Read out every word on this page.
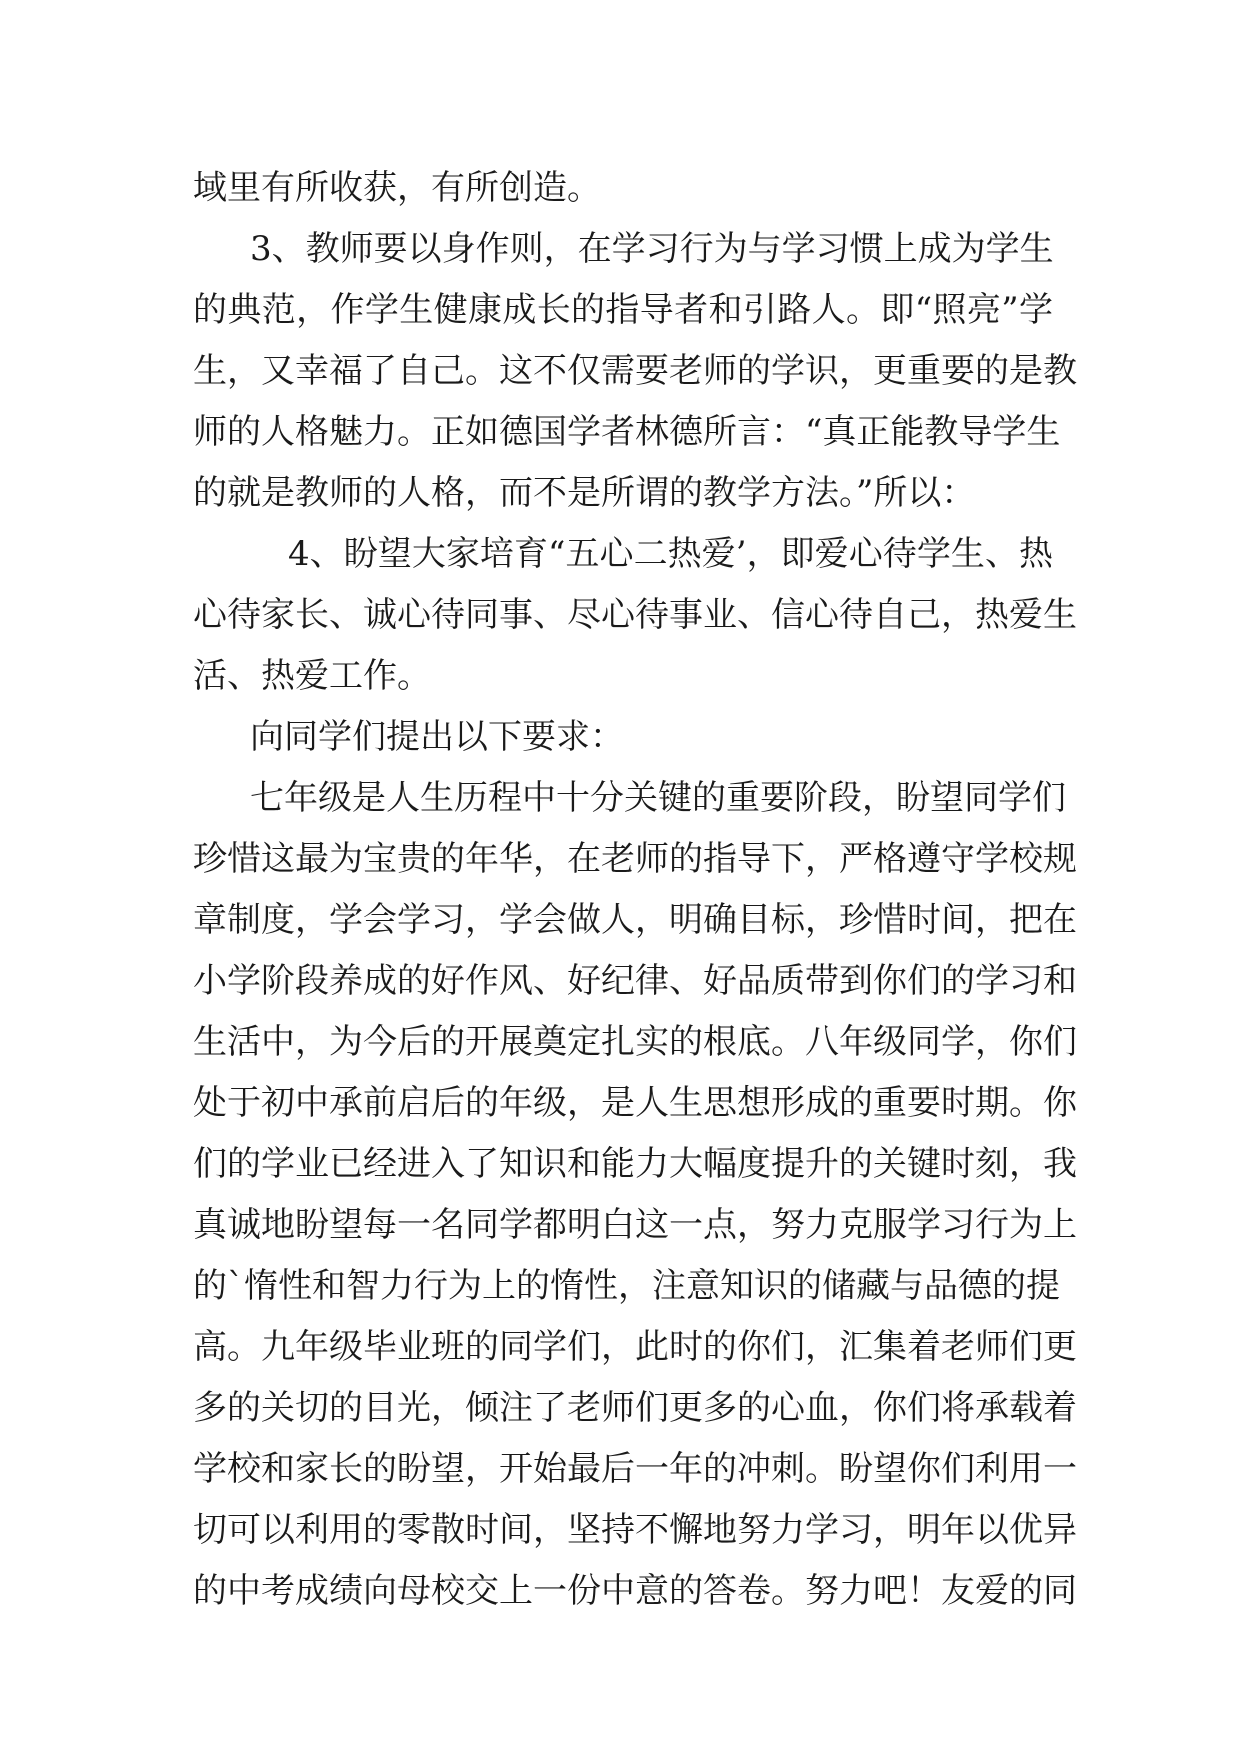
域里有所收获，有所创造。
3、教师要以身作则，在学习行为与学习惯上成为学生
的典范，作学生健康成长的指导者和引路人。即“照亮”学
生，又幸福了自己。这不仅需要老师的学识，更重要的是教
师的人格魅力。正如德国学者林德所言：“真正能教导学生
的就是教师的人格，而不是所谓的教学方法。”所以：
4、盼望大家培育“五心二热爱’，即爱心待学生、热
心待家长、诚心待同事、尽心待事业、信心待自己，热爱生
活、热爱工作。
向同学们提出以下要求：
七年级是人生历程中十分关键的重要阶段，盼望同学们
珍惜这最为宝贵的年华，在老师的指导下，严格遵守学校规
章制度，学会学习，学会做人，明确目标，珍惜时间，把在
小学阶段养成的好作风、好纪律、好品质带到你们的学习和
生活中，为今后的开展奠定扎实的根底。八年级同学，你们
处于初中承前启后的年级，是人生思想形成的重要时期。你
们的学业已经进入了知识和能力大幅度提升的关键时刻，我
真诚地盼望每一名同学都明白这一点，努力克服学习行为上
的`惰性和智力行为上的惰性，注意知识的储藏与品德的提
高。九年级毕业班的同学们，此时的你们，汇集着老师们更
多的关切的目光，倾注了老师们更多的心血，你们将承载着
学校和家长的盼望，开始最后一年的冲刺。盼望你们利用一
切可以利用的零散时间，坚持不懈地努力学习，明年以优异
的中考成绩向母校交上一份中意的答卷。努力吧！友爱的同
